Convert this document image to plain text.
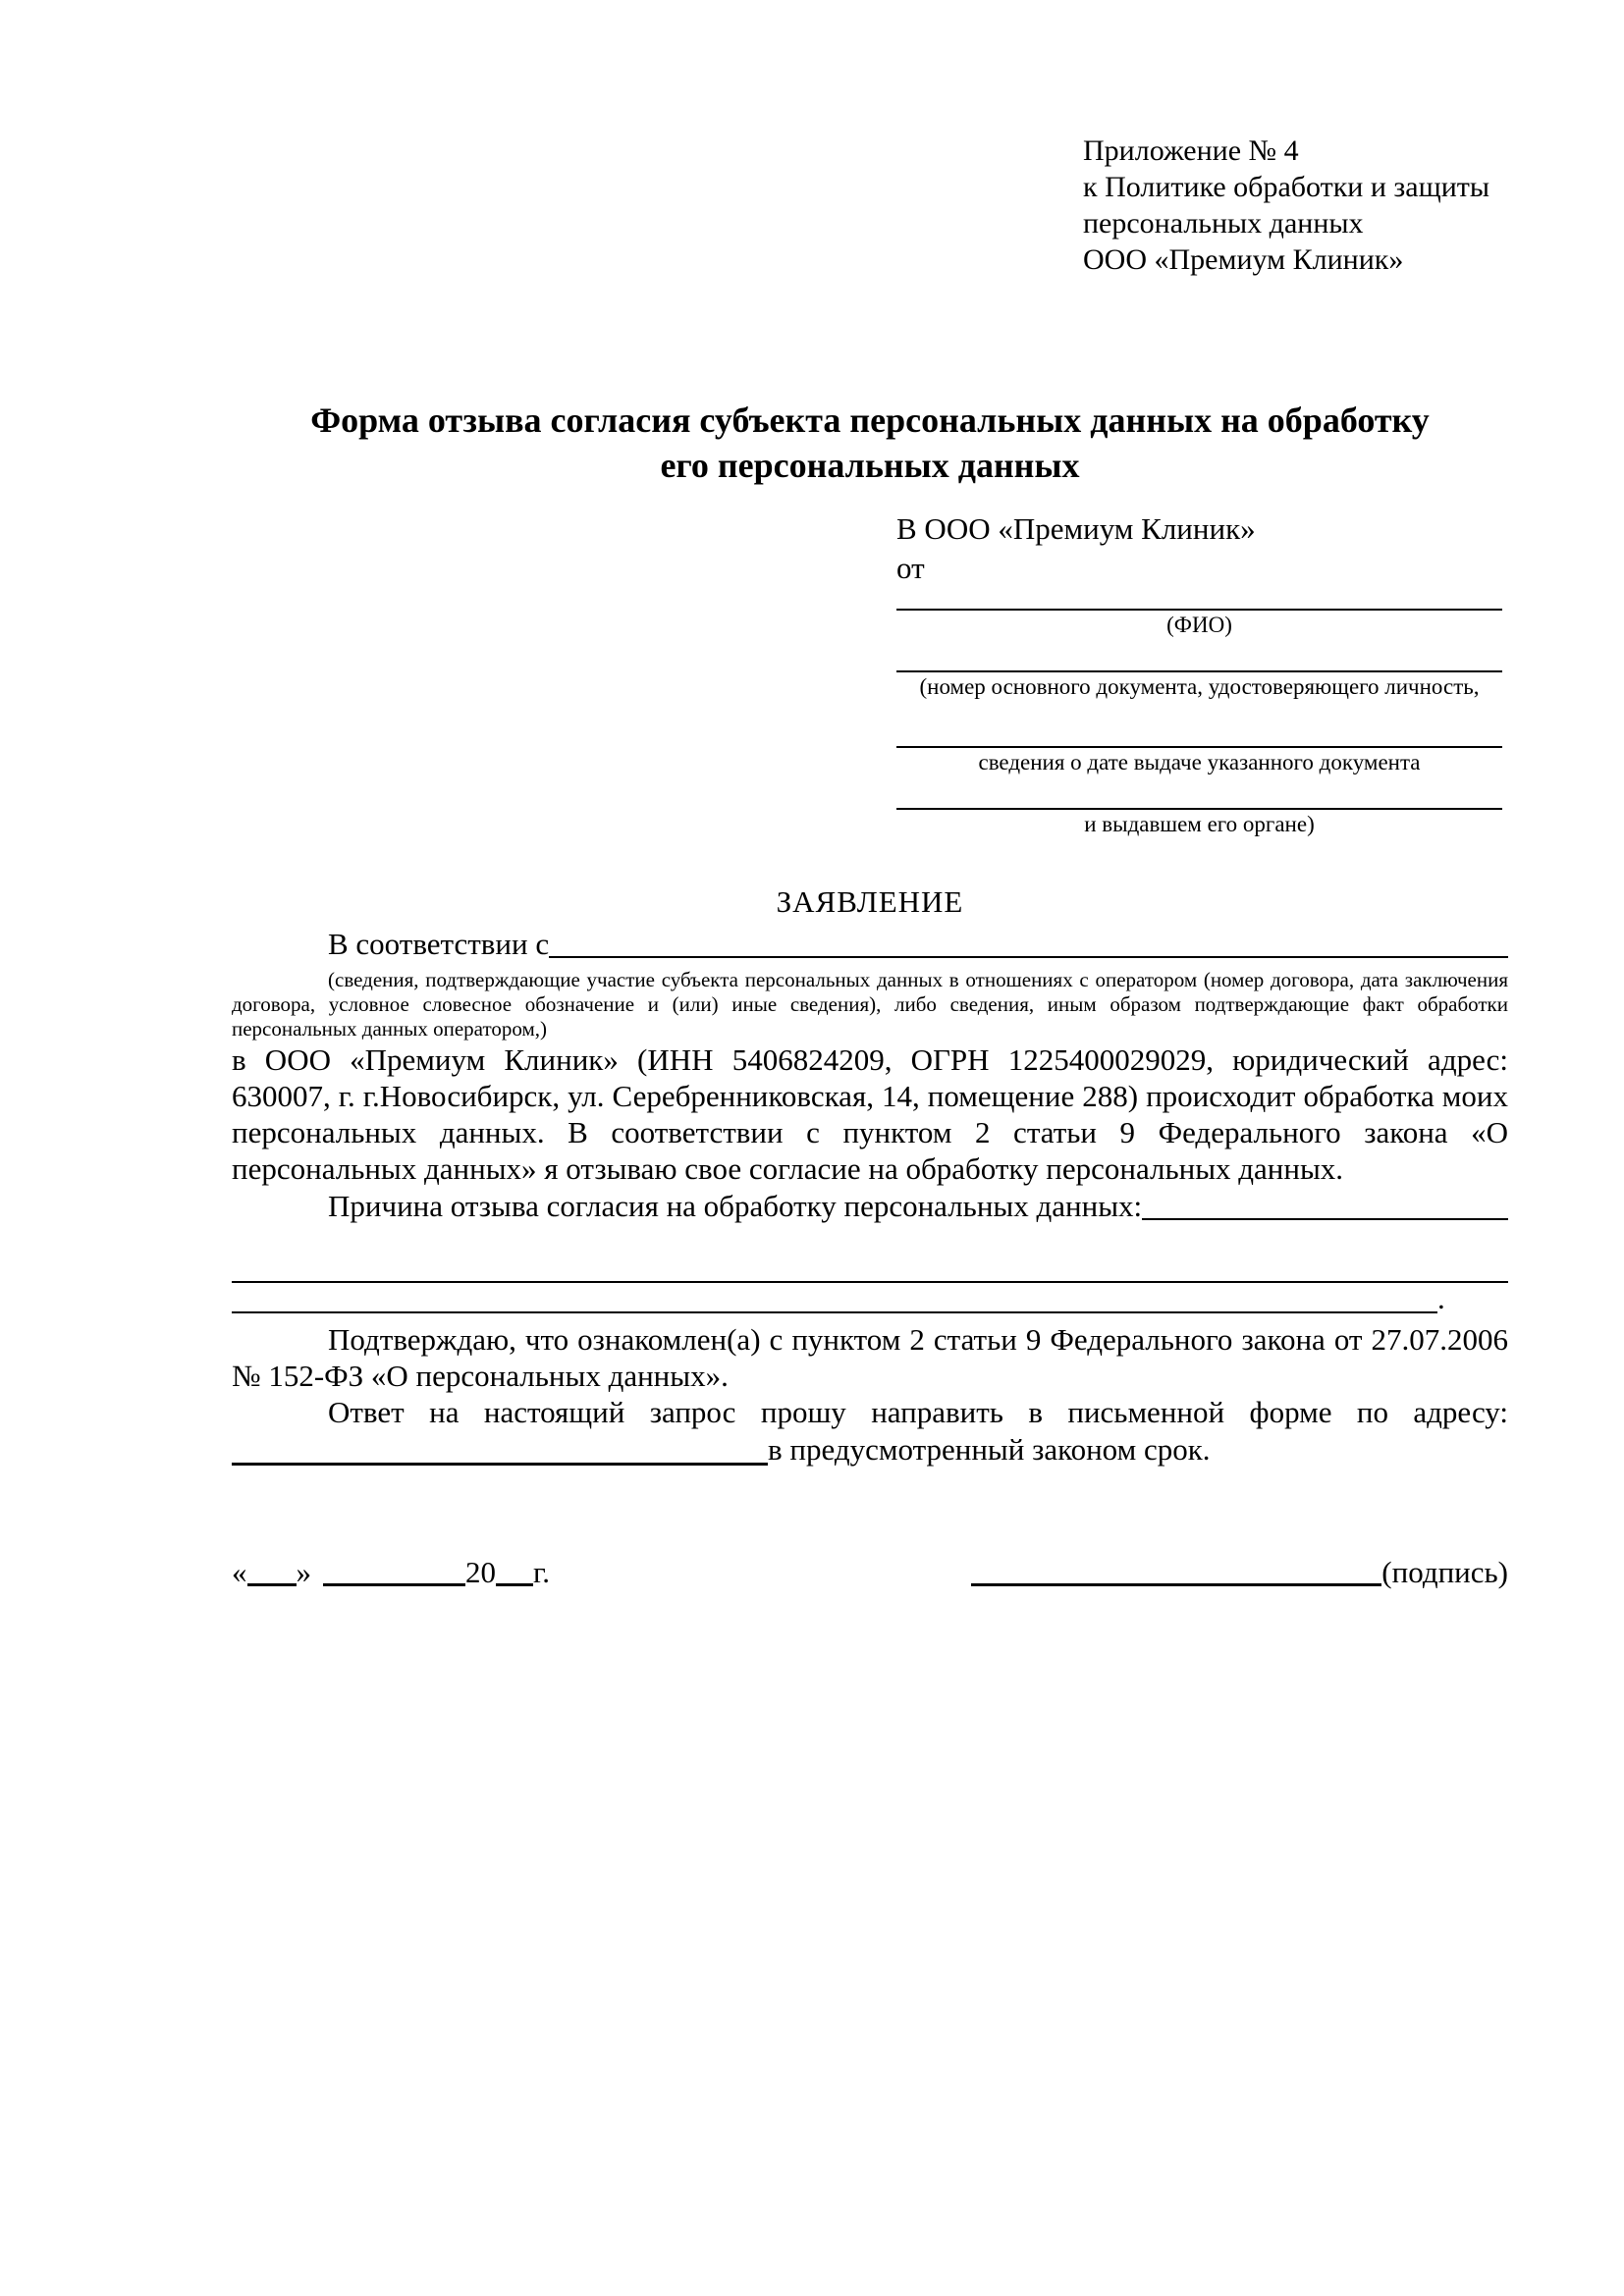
Приложение № 4
к Политике обработки и защиты
персональных данных
ООО «Премиум Клиник»
Форма отзыва согласия субъекта персональных данных на обработку
его персональных данных
В ООО «Премиум Клиник»
от
(ФИО)
(номер основного документа, удостоверяющего личность,
сведения о дате выдаче указанного документа
и выдавшем его органе)
ЗАЯВЛЕНИЕ
В соответствии с

(сведения, подтверждающие участие субъекта персональных данных в отношениях с оператором (номер договора, дата заключения договора, условное словесное обозначение и (или) иные сведения), либо сведения, иным образом подтверждающие факт обработки персональных данных оператором,)

в ООО «Премиум Клиник» (ИНН 5406824209, ОГРН 1225400029029, юридический адрес: 630007, г. г.Новосибирск, ул. Серебренниковская, 14, помещение 288) происходит обработка моих персональных данных. В соответствии с пунктом 2 статьи 9 Федерального закона «О персональных данных» я отзываю свое согласие на обработку персональных данных.

Причина отзыва согласия на обработку персональных данных:
.

Подтверждаю, что ознакомлен(а) с пунктом 2 статьи 9 Федерального закона от 27.07.2006 № 152-ФЗ «О персональных данных».

Ответ на настоящий запрос прошу направить в письменной форме по адресу:

в предусмотренный законом срок.
« »	20 г.	(подпись)
